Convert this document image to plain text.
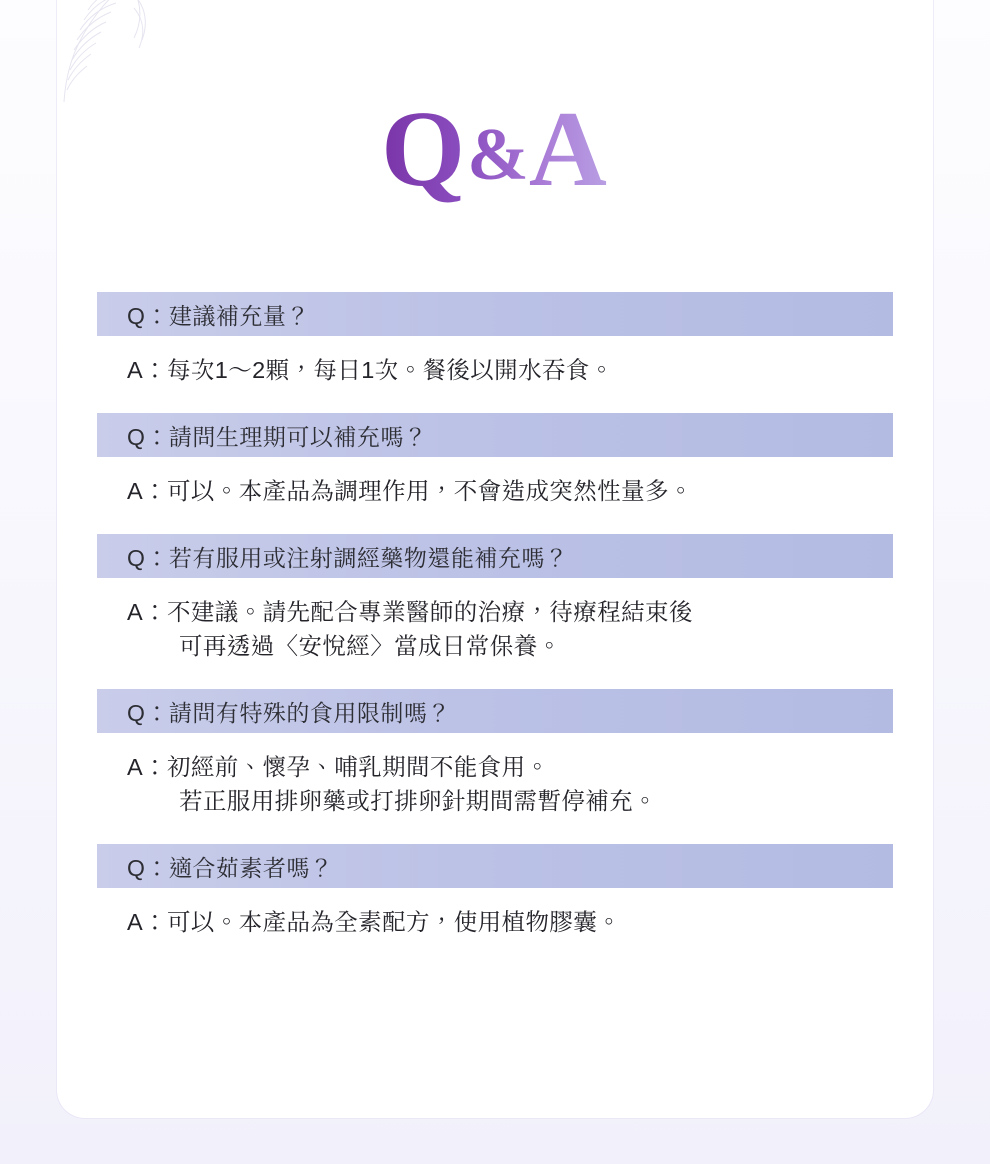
Q&A
Q：建議補充量？
A：每次1～2顆，每日1次。餐後以開水吞食。
Q：請問生理期可以補充嗎？
A：可以。本產品為調理作用，不會造成突然性量多。
Q：若有服用或注射調經藥物還能補充嗎？
A：不建議。請先配合專業醫師的治療，待療程結束後
可再透過〈安悅經〉當成日常保養。
Q：請問有特殊的食用限制嗎？
A：初經前、懷孕、哺乳期間不能食用。
若正服用排卵藥或打排卵針期間需暫停補充。
Q：適合茹素者嗎？
A：可以。本產品為全素配方，使用植物膠囊。
